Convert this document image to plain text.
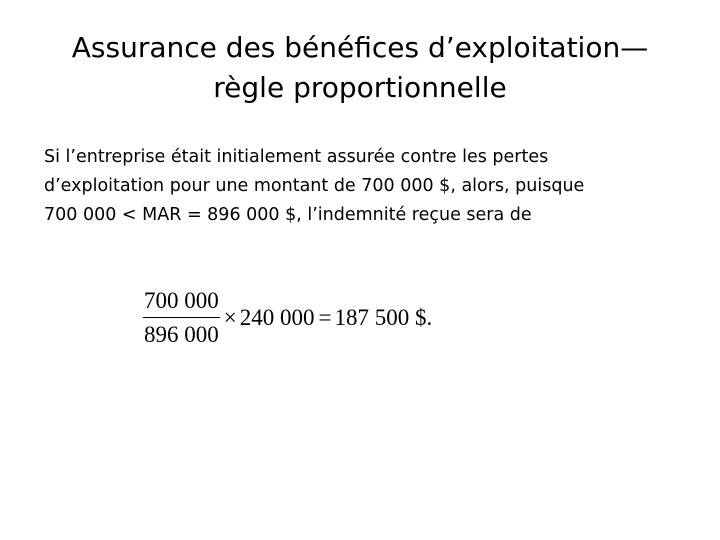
Assurance des bénéfices d’exploitation—
règle proportionnelle

Si l’entreprise était initialement assurée contre les pertes
d’exploitation pour une montant de 700 000 $, alors, puisque
700 000 < MAR = 896 000 $, l’indemnité reçue sera de

$\frac{700 000}{896 000} \times 240$ 000 = 187 500 $.
